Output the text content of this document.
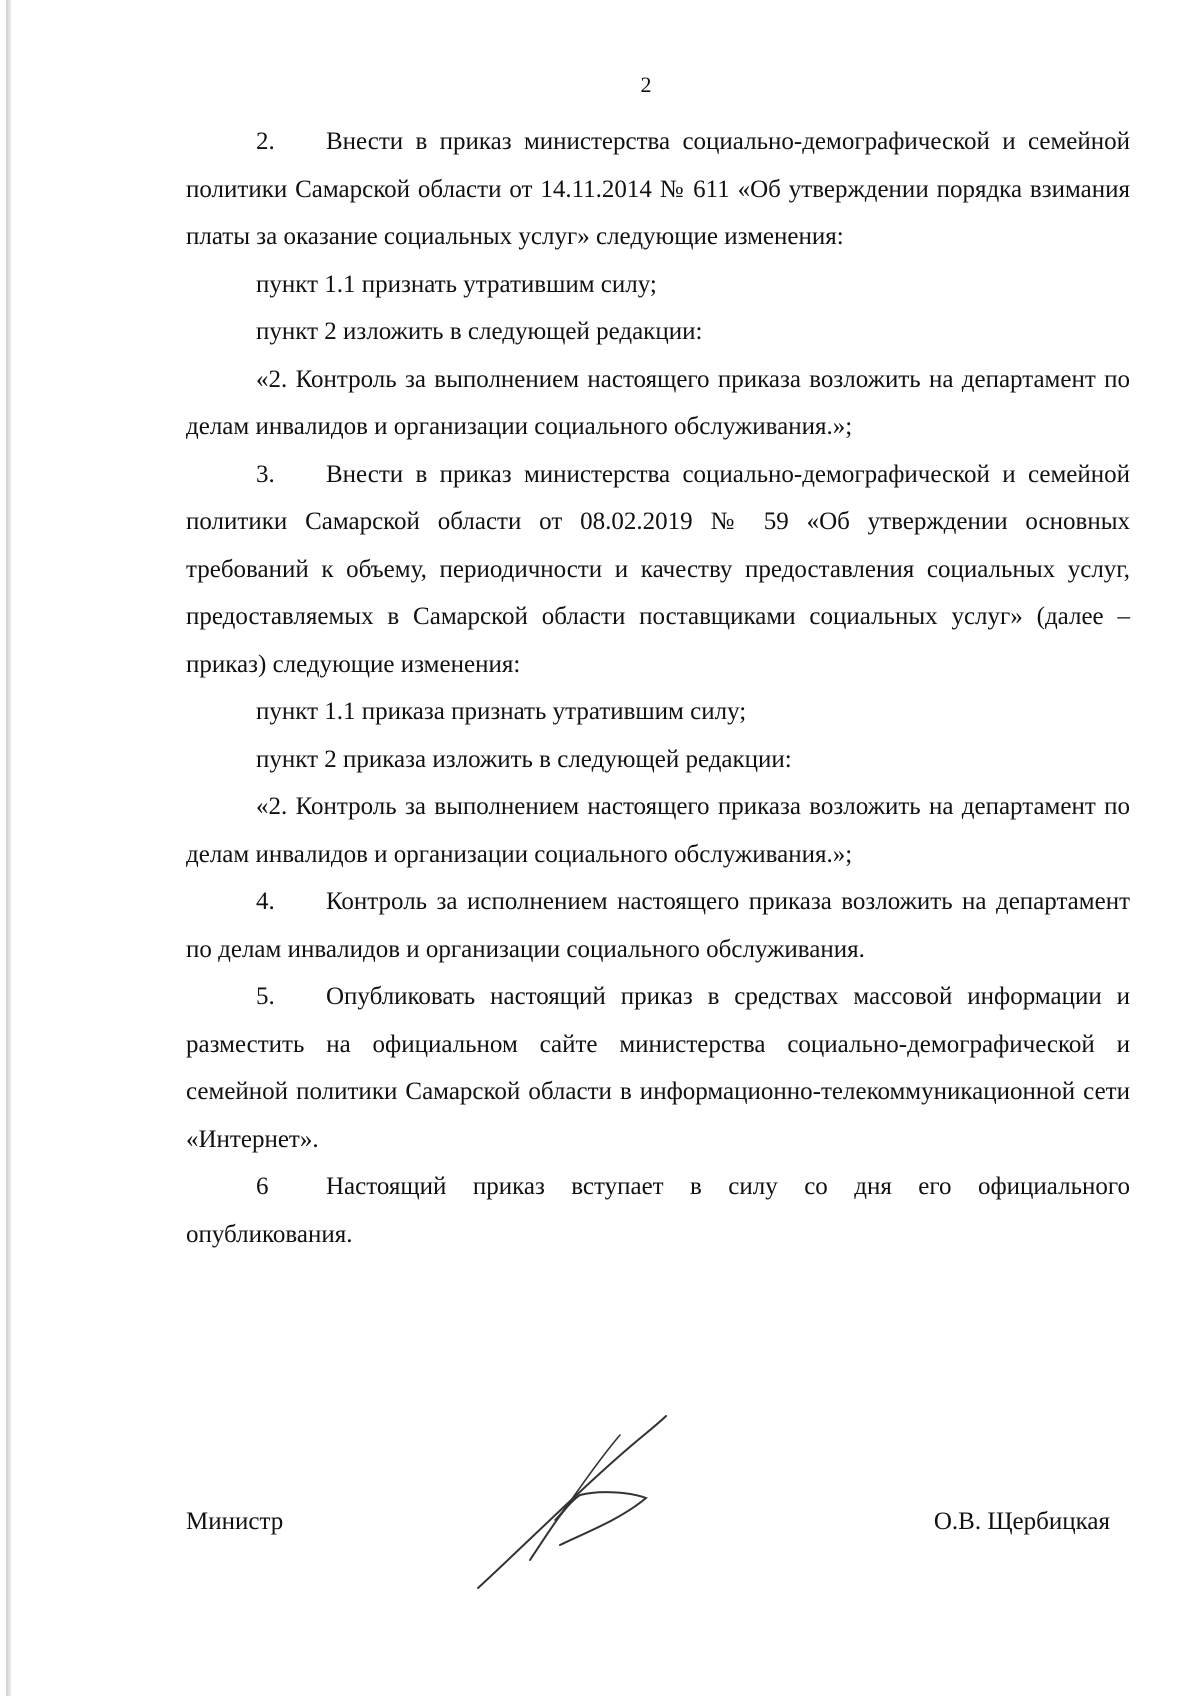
2

2. Внести в приказ министерства социально-демографической и семейной политики Самарской области от 14.11.2014 № 611 «Об утверждении порядка взимания платы за оказание социальных услуг» следующие изменения:

пункт 1.1 признать утратившим силу;

пункт 2 изложить в следующей редакции:

«2. Контроль за выполнением настоящего приказа возложить на департамент по делам инвалидов и организации социального обслуживания.»;

3. Внести в приказ министерства социально-демографической и семейной политики Самарской области от 08.02.2019 № 59 «Об утверждении основных требований к объему, периодичности и качеству предоставления социальных услуг, предоставляемых в Самарской области поставщиками социальных услуг» (далее – приказ) следующие изменения:

пункт 1.1 приказа признать утратившим силу;

пункт 2 приказа изложить в следующей редакции:

«2. Контроль за выполнением настоящего приказа возложить на департамент по делам инвалидов и организации социального обслуживания.»;

4. Контроль за исполнением настоящего приказа возложить на департамент по делам инвалидов и организации социального обслуживания.

5. Опубликовать настоящий приказ в средствах массовой информации и разместить на официальном сайте министерства социально-демографической и семейной политики Самарской области в информационно-телекоммуникационной сети «Интернет».

6 Настоящий приказ вступает в силу со дня его официального опубликования.

Министр	О.В. Щербицкая
